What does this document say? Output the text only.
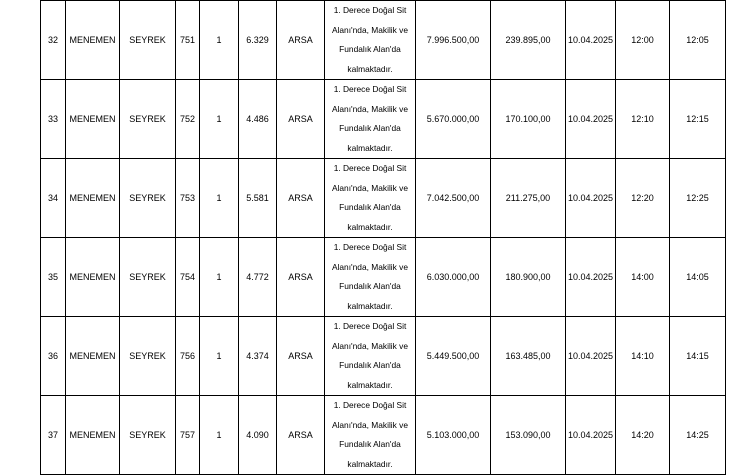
32	MENEMEN	SEYREK	751	1	6.329	ARSA	1. Derece Doğal Sit
Alanı'nda, Makilik ve
Fundalık Alan'da
kalmaktadır.	7.996.500,00	239.895,00	10.04.2025	12:00	12:05
33	MENEMEN	SEYREK	752	1	4.486	ARSA	1. Derece Doğal Sit
Alanı'nda, Makilik ve
Fundalık Alan'da
kalmaktadır.	5.670.000,00	170.100,00	10.04.2025	12:10	12:15
34	MENEMEN	SEYREK	753	1	5.581	ARSA	1. Derece Doğal Sit
Alanı'nda, Makilik ve
Fundalık Alan'da
kalmaktadır.	7.042.500,00	211.275,00	10.04.2025	12:20	12:25
35	MENEMEN	SEYREK	754	1	4.772	ARSA	1. Derece Doğal Sit
Alanı'nda, Makilik ve
Fundalık Alan'da
kalmaktadır.	6.030.000,00	180.900,00	10.04.2025	14:00	14:05
36	MENEMEN	SEYREK	756	1	4.374	ARSA	1. Derece Doğal Sit
Alanı'nda, Makilik ve
Fundalık Alan'da
kalmaktadır.	5.449.500,00	163.485,00	10.04.2025	14:10	14:15
37	MENEMEN	SEYREK	757	1	4.090	ARSA	1. Derece Doğal Sit
Alanı'nda, Makilik ve
Fundalık Alan'da
kalmaktadır.	5.103.000,00	153.090,00	10.04.2025	14:20	14:25
